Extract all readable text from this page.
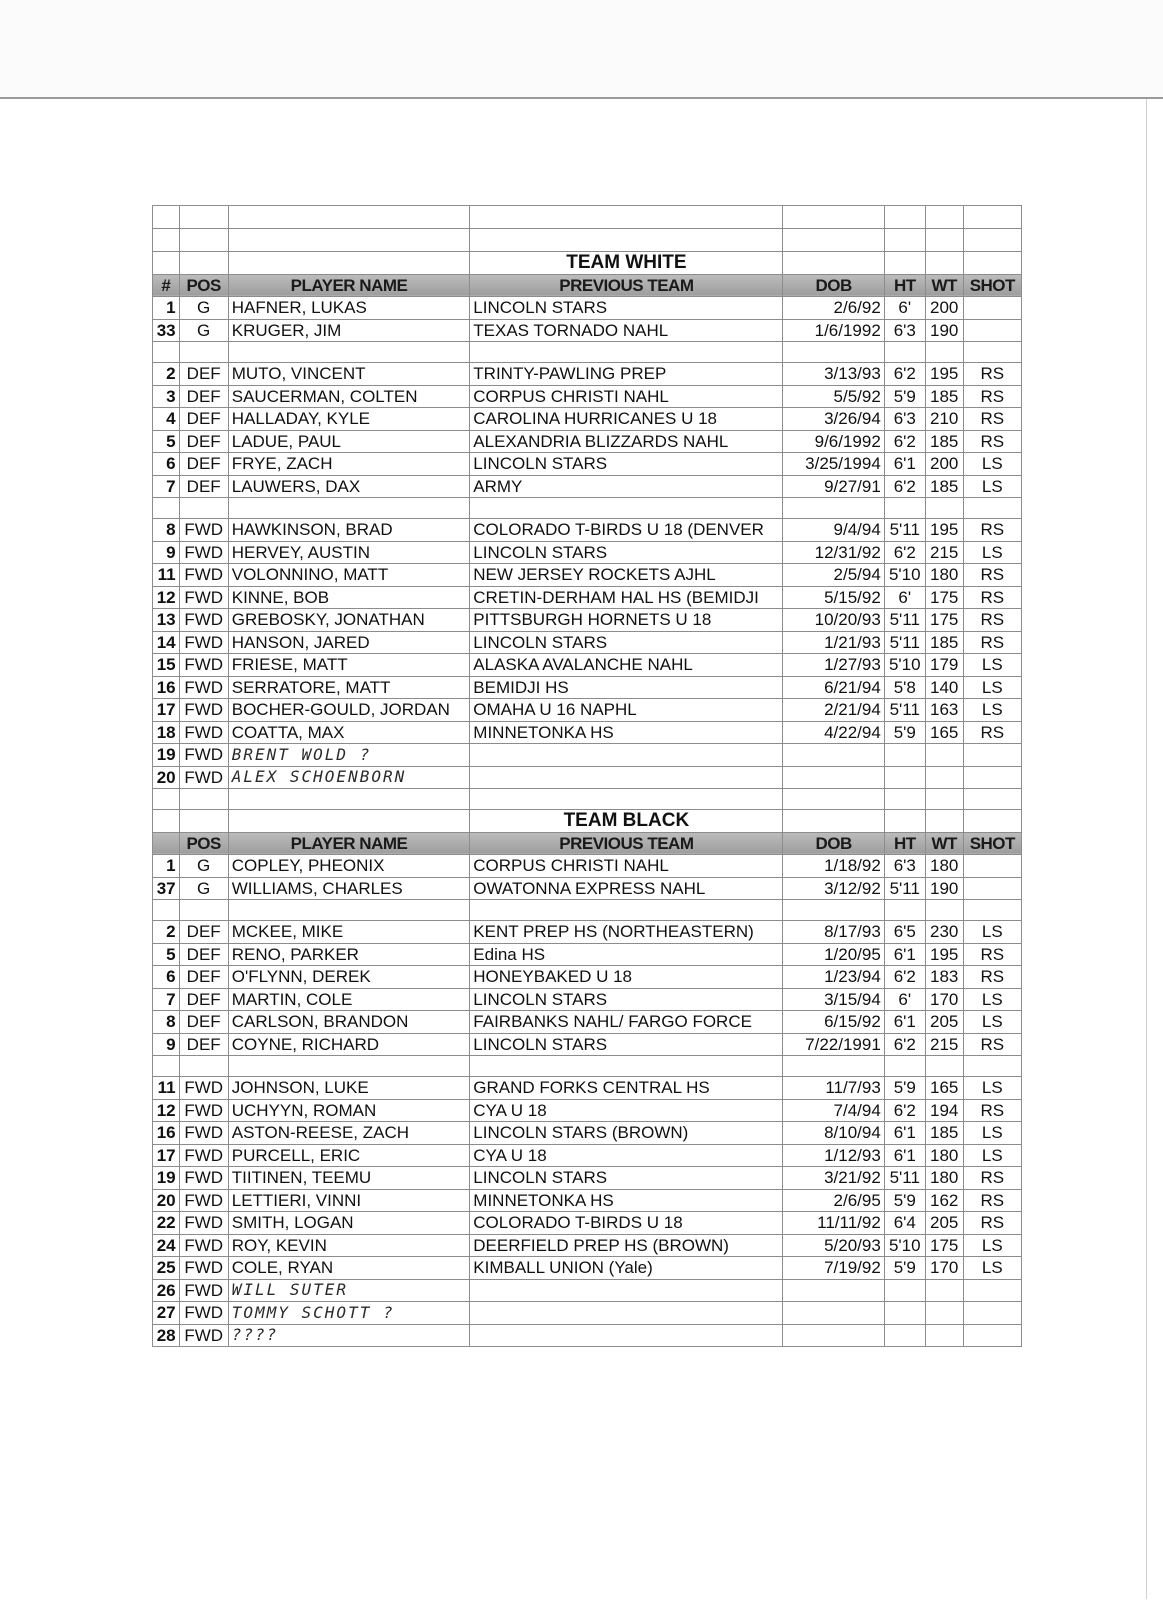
			TEAM WHITE				
#	POS	PLAYER NAME	PREVIOUS TEAM	DOB	HT	WT	SHOT
1	G	HAFNER, LUKAS	LINCOLN STARS	2/6/92	6'	200	
33	G	KRUGER, JIM	TEXAS TORNADO NAHL	1/6/1992	6'3	190	

2	DEF	MUTO, VINCENT	TRINTY-PAWLING PREP	3/13/93	6'2	195	RS
3	DEF	SAUCERMAN, COLTEN	CORPUS CHRISTI NAHL	5/5/92	5'9	185	RS
4	DEF	HALLADAY, KYLE	CAROLINA HURRICANES U 18	3/26/94	6'3	210	RS
5	DEF	LADUE, PAUL	ALEXANDRIA BLIZZARDS NAHL	9/6/1992	6'2	185	RS
6	DEF	FRYE, ZACH	LINCOLN STARS	3/25/1994	6'1	200	LS
7	DEF	LAUWERS, DAX	ARMY	9/27/91	6'2	185	LS

8	FWD	HAWKINSON, BRAD	COLORADO T-BIRDS U 18 (DENVER	9/4/94	5'11	195	RS
9	FWD	HERVEY, AUSTIN	LINCOLN STARS	12/31/92	6'2	215	LS
11	FWD	VOLONNINO, MATT	NEW JERSEY ROCKETS AJHL	2/5/94	5'10	180	RS
12	FWD	KINNE, BOB	CRETIN-DERHAM HAL HS (BEMIDJI	5/15/92	6'	175	RS
13	FWD	GREBOSKY, JONATHAN	PITTSBURGH HORNETS U 18	10/20/93	5'11	175	RS
14	FWD	HANSON, JARED	LINCOLN STARS	1/21/93	5'11	185	RS
15	FWD	FRIESE, MATT	ALASKA AVALANCHE NAHL	1/27/93	5'10	179	LS
16	FWD	SERRATORE, MATT	BEMIDJI HS	6/21/94	5'8	140	LS
17	FWD	BOCHER-GOULD, JORDAN	OMAHA U 16 NAPHL	2/21/94	5'11	163	LS
18	FWD	COATTA, MAX	MINNETONKA HS	4/22/94	5'9	165	RS
19	FWD	BRENT WOLD ?					
20	FWD	ALEX SCHOENBORN					

			TEAM BLACK				
	POS	PLAYER NAME	PREVIOUS TEAM	DOB	HT	WT	SHOT
1	G	COPLEY, PHEONIX	CORPUS CHRISTI NAHL	1/18/92	6'3	180	
37	G	WILLIAMS, CHARLES	OWATONNA EXPRESS NAHL	3/12/92	5'11	190	

2	DEF	MCKEE, MIKE	KENT PREP HS (NORTHEASTERN)	8/17/93	6'5	230	LS
5	DEF	RENO, PARKER	Edina HS	1/20/95	6'1	195	RS
6	DEF	O'FLYNN, DEREK	HONEYBAKED U 18	1/23/94	6'2	183	RS
7	DEF	MARTIN, COLE	LINCOLN STARS	3/15/94	6'	170	LS
8	DEF	CARLSON, BRANDON	FAIRBANKS NAHL/ FARGO FORCE	6/15/92	6'1	205	LS
9	DEF	COYNE, RICHARD	LINCOLN STARS	7/22/1991	6'2	215	RS

11	FWD	JOHNSON, LUKE	GRAND FORKS CENTRAL HS	11/7/93	5'9	165	LS
12	FWD	UCHYYN, ROMAN	CYA U 18	7/4/94	6'2	194	RS
16	FWD	ASTON-REESE, ZACH	LINCOLN STARS (BROWN)	8/10/94	6'1	185	LS
17	FWD	PURCELL, ERIC	CYA U 18	1/12/93	6'1	180	LS
19	FWD	TIITINEN, TEEMU	LINCOLN STARS	3/21/92	5'11	180	RS
20	FWD	LETTIERI, VINNI	MINNETONKA HS	2/6/95	5'9	162	RS
22	FWD	SMITH, LOGAN	COLORADO T-BIRDS U 18	11/11/92	6'4	205	RS
24	FWD	ROY, KEVIN	DEERFIELD PREP HS (BROWN)	5/20/93	5'10	175	LS
25	FWD	COLE, RYAN	KIMBALL UNION (Yale)	7/19/92	5'9	170	LS
26	FWD	WILL SUTER					
27	FWD	TOMMY SCHOTT ?					
28	FWD	????					
